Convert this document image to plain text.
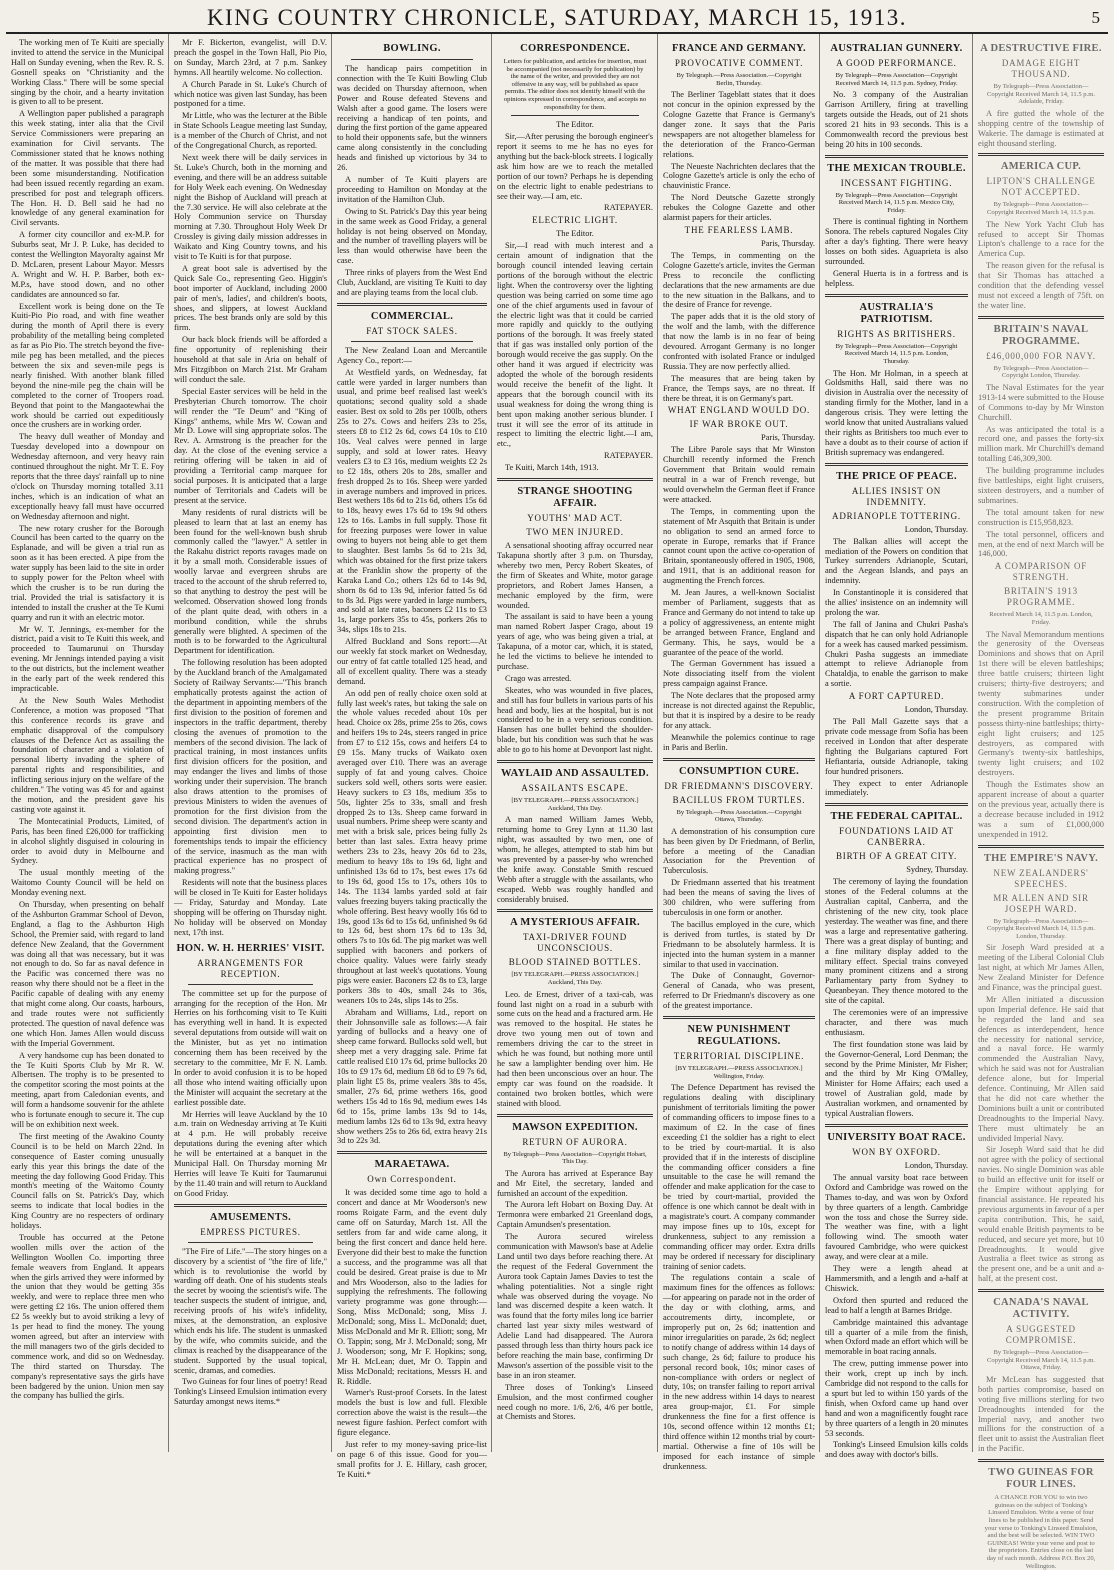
KING COUNTRY CHRONICLE, SATURDAY, MARCH 15, 1913.	5

The working men of Te Kuiti are specially invited to attend the service in the Municipal Hall on Sunday evening, when the Rev. R. S. Gosnell speaks on "Christianity and the Working Class." There will be some special singing by the choir, and a hearty invitation is given to all to be present.

A Wellington paper published a paragraph this week stating, inter alia that the Civil Service Commissioners were preparing an examination for Civil servants. The Commissioner stated that he knows nothing of the matter. It was possible that there had been some misunderstanding. Notification had been issued recently regarding an exam. prescribed for post and telegraph officers. The Hon. H. D. Bell said he had no knowledge of any general examination for Civil servants.

A former city councillor and ex-M.P. for Suburbs seat, Mr J. P. Luke, has decided to contest the Wellington Mayoralty against Mr D. McLaren, present Labour Mayor. Messrs A. Wright and W. H. P. Barber, both ex-M.P.s, have stood down, and no other candidates are announced so far.

Excellent work is being done on the Te Kuiti-Pio Pio road, and with fine weather during the month of April there is every probability of the metalling being completed as far as Pio Pio. The stretch beyond the five-mile peg has been metalled, and the pieces between the six and seven-mile pegs is nearly finished. With another blank filled beyond the nine-mile peg the chain will be completed to the corner of Troopers road. Beyond that point to the Mangaotewhai the work should be carried out expeditiously once the crushers are in working order.

The heavy dull weather of Monday and Tuesday developed into a downpour on Wednesday afternoon, and very heavy rain continued throughout the night. Mr T. E. Foy reports that the three days' rainfall up to nine o'clock on Thursday morning totalled 3.11 inches, which is an indication of what an exceptionally heavy fall must have occurred on Wednesday afternoon and night.

The new rotary crusher for the Borough Council has been carted to the quarry on the Esplanade, and will be given a trial run as soon as it has been erected. A pipe from the water supply has been laid to the site in order to supply power for the Pelton wheel with which the crusher is to be run during the trial. Provided the trial is satisfactory it is intended to install the crusher at the Te Kumi quarry and run it with an electric motor.

Mr W. T. Jennings, ex-member for the district, paid a visit to Te Kuiti this week, and proceeded to Taumarunui on Thursday evening. Mr Jennings intended paying a visit to the out districts, but the inclement weather in the early part of the week rendered this impracticable.

At the New South Wales Methodist Conference, a motion was proposed "That this conference records its grave and emphatic disapproval of the compulsory clauses of the Defence Act as assailing the foundation of character and a violation of personal liberty invading the sphere of parental rights and responsibilities, and inflicting serious injury on the welfare of the children." The voting was 45 for and against the motion, and the president gave his casting vote against it.

The Montecatinial Products, Limited, of Paris, has been fined £26,000 for trafficking in alcohol slightly disguised in colouring in order to avoid duty in Melbourne and Sydney.

The usual monthly meeting of the Waitomo County Council will be held on Monday evening next.

On Thursday, when presenting on behalf of the Ashburton Grammar School of Devon, England, a flag to the Ashburton High School, the Premier said, with regard to land defence New Zealand, that the Government was doing all that was necessary, but it was not enough to do. So far as naval defence in the Pacific was concerned there was no reason why there should not be a fleet in the Pacific capable of dealing with any enemy that might come along. Our coasts, harbours, and trade routes were not sufficiently protected. The question of naval defence was one which Hon. James Allen would discuss with the Imperial Government.

A very handsome cup has been donated to the Te Kuiti Sports Club by Mr R. W. Albertsen. The trophy is to be presented to the competitor scoring the most points at the meeting, apart from Caledonian events, and will form a handsome souvenir for the athlete who is fortunate enough to secure it. The cup will be on exhibition next week.

The first meeting of the Awakino County Council is to be held on March 22nd. In consequence of Easter coming unusually early this year this brings the date of the meeting the day following Good Friday. This month's meeting of the Waitomo County Council falls on St. Patrick's Day, which seems to indicate that local bodies in the King Country are no respecters of ordinary holidays.

Trouble has occurred at the Petone woollen mills over the action of the Wellington Woollen Co. importing three female weavers from England. It appears when the girls arrived they were informed by the union that they would be getting 35s weekly, and were to replace three men who were getting £2 16s. The union offered them £2 5s weekly but to avoid striking a levy of 1s per head to find the money. The young women agreed, but after an interview with the mill managers two of the girls decided to commence work, and did so on Wednesday. The third started on Thursday. The company's representative says the girls have been badgered by the union. Union men say the company has bullied the girls.

Mr F. Bickerton, evangelist, will D.V. preach the gospel in the Town Hall, Pio Pio, on Sunday, March 23rd, at 7 p.m. Sankey hymns. All heartily welcome. No collection.

A Church Parade in St. Luke's Church of which notice was given last Sunday, has been postponed for a time.

Mr Little, who was the lecturer at the Bible in State Schools League meeting last Sunday, is a member of the Church of Christ, and not of the Congregational Church, as reported.

Next week there will be daily services in St. Luke's Church, both in the morning and evening, and there will be an address suitable for Holy Week each evening. On Wednesday night the Bishop of Auckland will preach at the 7.30 service. He will also celebrate at the Holy Communion service on Thursday morning at 7.30. Throughout Holy Week Dr Crossley is giving daily mission addresses in Waikato and King Country towns, and his visit to Te Kuiti is for that purpose.

A great boot sale is advertised by the Quick Sale Co., representing Geo. Higgin's boot importer of Auckland, including 2000 pair of men's, ladies', and children's boots, shoes, and slippers, at lowest Auckland prices. The best brands only are sold by this firm.

Our back block friends will be afforded a fine opportunity of replenishing their household at that sale in Aria on behalf of Mrs Fitzgibbon on March 21st. Mr Graham will conduct the sale.

Special Easter services will be held in the Presbyterian Church tomorrow. The choir will render the "Te Deum" and "King of Kings" anthems, while Mrs W. Cowan and Mr D. Lowe will sing appropriate solos. The Rev. A. Armstrong is the preacher for the day. At the close of the evening service a retiring offering will be taken in aid of providing a Territorial camp marquee for social purposes. It is anticipated that a large number of Territorials and Cadets will be present at the service.

Many residents of rural districts will be pleased to learn that at last an enemy has been found for the well-known bush shrub commonly called the "lawyer." A settler in the Rakahu district reports ravages made on it by a small moth. Considerable issues of woolly larvae and evergreen shrubs are traced to the account of the shrub referred to, so that anything to destroy the pest will be welcomed. Observation showed long fronds of the plant quite dead, with others in a moribund condition, while the shrubs generally were blighted. A specimen of the moth is to be forwarded to the Agricultural Department for identification.

The following resolution has been adopted by the Auckland branch of the Amalgamated Society of Railway Servants:—"This branch emphatically protests against the action of the department in appointing members of the first division to the position of foremen and inspectors in the traffic department, thereby closing the avenues of promotion to the members of the second division. The lack of practical training, in most instances unfits first division officers for the position, and may endanger the lives and limbs of those working under their supervision. The branch also draws attention to the promises of previous Ministers to widen the avenues of promotion for the first division from the second division. The department's action in appointing first division men to forementships tends to impair the efficiency of the service, inasmuch as the man with practical experience has no prospect of making progress."

Residents will note that the business places will be closed in Te Kuiti for Easter holidays — Friday, Saturday and Monday. Late shopping will be offering on Thursday night. No holiday will be observed on Monday next, 17th inst.

HON. W. H. HERRIES' VISIT.
ARRANGEMENTS FOR RECEPTION.

The committee set up for the purpose of arranging for the reception of the Hon. Mr Herries on his forthcoming visit to Te Kuiti has everything well in hand. It is expected several deputations from outside will wait on the Minister, but as yet no intimation concerning them has been received by the secretary to the committee, Mr F. N. Lamb. In order to avoid confusion it is to be hoped all those who intend waiting officially upon the Minister will acquaint the secretary at the earliest possible date.

Mr Herries will leave Auckland by the 10 a.m. train on Wednesday arriving at Te Kuiti at 4 p.m. He will probably receive deputations during the evening after which he will be entertained at a banquet in the Municipal Hall. On Thursday morning Mr Herries will leave Te Kuiti for Taumarunui by the 11.40 train and will return to Auckland on Good Friday.

AMUSEMENTS.
EMPRESS PICTURES.

"The Fire of Life."—The story hinges on a discovery by a scientist of "the fire of life," which is to revolutionise the world by warding off death. One of his students steals the secret by wooing the scientist's wife. The teacher suspects the student of intrigue, and, receiving proofs of his wife's infidelity, mixes, at the demonstration, an explosive which ends his life. The student is unmasked by the wife, who commits suicide, and the climax is reached by the disappearance of the student. Supported by the usual topical, scenic, dramas, and comedies.

Two Guineas for four lines of poetry! Read Tonking's Linseed Emulsion intimation every Saturday amongst news items.*

BOWLING.

The handicap pairs competition in connection with the Te Kuiti Bowling Club was decided on Thursday afternoon, when Power and Rouse defeated Stevens and Walsh after a good game. The losers were receiving a handicap of ten points, and during the first portion of the game appeared to hold their opponents safe, but the winners came along consistently in the concluding heads and finished up victorious by 34 to 26.

A number of Te Kuiti players are proceeding to Hamilton on Monday at the invitation of the Hamilton Club.

Owing to St. Patrick's Day this year being in the same week as Good Friday, a general holiday is not being observed on Monday, and the number of travelling players will be less than would otherwise have been the case.

Three rinks of players from the West End Club, Auckland, are visiting Te Kuiti to day and are playing teams from the local club.

COMMERCIAL.
FAT STOCK SALES.

The New Zealand Loan and Mercantile Agency Co., report:—

At Westfield yards, on Wednesday, fat cattle were yarded in larger numbers than usual, and prime beef realised last week's quotations; second quality sold a shade easier. Best ox sold to 28s per 100lb, others 25s to 27s. Cows and heifers 23s to 25s, steers £8 to £12 2s 6d, cows £4 10s to £10 10s. Veal calves were penned in large supply, and sold at lower rates. Heavy vealers £3 to £3 16s, medium weights £2 2s to £2 18s, others 20s to 28s, smaller and fresh dropped 2s to 16s. Sheep were yarded in average numbers and improved in prices. Best wethers 18s 6d to 21s 6d, others 15s 6d to 18s, heavy ewes 17s 6d to 19s 9d others 12s to 16s. Lambs in full supply. Those fit for freezing purposes were lower in value owing to buyers not being able to get them to slaughter. Best lambs 5s 6d to 21s 3d, which was obtained for the first prize takers at the Franklin show the property of the Karaka Land Co.; others 12s 6d to 14s 9d, shorn 8s 6d to 13s 9d, inferior fatted 5s 6d to 8s 3d. Pigs were yarded in large numbers, and sold at late rates, baconers £2 11s to £3 1s, large porkers 35s to 45s, porkers 26s to 34s, slips 18s to 21s.

Alfred Buckland and Sons report:—At our weekly fat stock market on Wednesday, our entry of fat cattle totalled 125 head, and all of excellent quality. There was a steady demand.

An odd pen of really choice oxen sold at fully last week's rates, but taking the sale on the whole values receded about 10s per head. Choice ox 28s, prime 25s to 26s, cows and heifers 19s to 24s, steers ranged in price from £7 to £12 15s, cows and heifers £4 to £9 15s. Many trucks of Waikato oxen averaged over £10. There was an average supply of fat and young calves. Choice suckers sold well, others sorts were easier. Heavy suckers to £3 18s, medium 35s to 50s, lighter 25s to 33s, small and fresh dropped 2s to 13s. Sheep came forward in usual numbers. Prime sheep were scanty and met with a brisk sale, prices being fully 2s better than last sales. Extra heavy prime wethers 23s to 23s, heavy 20s 6d to 23s, medium to heavy 18s to 19s 6d, light and unfinished 13s 6d to 17s, best ewes 17s 6d to 19s 6d, good 15s to 17s, others 10s to 14s. The 1134 lambs yarded sold at fair values freezing buyers taking practically the whole offering. Best heavy woolly 16s 6d to 19s, good 13s 6d to 15s 6d, unfinished 9s 6d to 12s 6d, best shorn 17s 6d to 13s 3d, others 7s to 10s 6d. The pig market was well supplied with baconers and porkers of choice quality. Values were fairly steady throughout at last week's quotations. Young pigs were easier. Baconers £2 8s to £3, large porkers 38s to 40s, small 24s to 36s, weaners 10s to 24s, slips 14s to 25s.

Abraham and Williams, Ltd., report on their Johnsonville sale as follows:—A fair yarding of bullocks and a heavy one of sheep came forward. Bullocks sold well, but sheep met a very dragging sale. Prime fat cattle realised £10 17s 6d, prime bullocks 20 10s to £9 17s 6d, medium £8 6d to £9 7s 6d, plain light £5 8s, prime vealers 38s to 45s, smaller, 27s 6d, prime wethers 16s, good wethers 15s 4d to 16s 9d, medium ewes 14s 6d to 15s, prime lambs 13s 9d to 14s, medium lambs 12s 6d to 13s 9d, extra heavy show wethers 25s to 26s 6d, extra heavy 21s 3d to 22s 3d.

MARAETAWA.
Own Correspondent.

It was decided some time ago to hold a concert and dance at Mr Wooderson's new rooms Roigate Farm, and the event duly came off on Saturday, March 1st. All the settlers from far and wide came along, it being the first concert and dance held here. Everyone did their best to make the function a success, and the programme was all that could be desired. Great praise is due to Mr and Mrs Wooderson, also to the ladies for supplying the refreshments. The following variety programme was gone through:—Song, Miss McDonald; song, Miss J. McDonald; song, Miss L. McDonald; duet, Miss McDonald and Mr R. Elliott; song, Mr O. Tappin; song, Mr J. McDonald; song, Mr J. Wooderson; song, Mr F. Hopkins; song, Mr H. McLean; duet, Mr O. Tappin and Miss McDonald; recitations, Messrs H. and R. Riddle.

Warner's Rust-proof Corsets. In the latest models the bust is low and full. Flexible correction above the waist is the result—the newest figure fashion. Perfect comfort with figure elegance.

Just refer to my money-saving price-list on page 6 of this issue. Good for you—small profits for J. E. Hillary, cash grocer, Te Kuiti.*

CORRESPONDENCE.
Letters for publication, and articles for insertion, must be accompanied (not necessarily for publication) by the name of the writer, and provided they are not offensive in any way, will be published as space permits. The editor does not identify himself with the opinions expressed in correspondence, and accepts no responsibility for them.

The Editor.

Sir,—After perusing the borough engineer's report it seems to me he has no eyes for anything but the back-block streets. I logically ask him how are we to reach the metalled portion of our town? Perhaps he is depending on the electric light to enable pedestrians to see their way.—I am, etc.

RATEPAYER.

ELECTRIC LIGHT.

The Editor.

Sir,—I read with much interest and a certain amount of indignation that the borough council intended leaving certain portions of the borough without the electric light. When the controversy over the lighting question was being carried on some time ago one of the chief arguments used in favour of the electric light was that it could be carried more rapidly and quickly to the outlying portions of the borough. It was freely stated that if gas was installed only portion of the borough would receive the gas supply. On the other hand it was argued if electricity was adopted the whole of the borough residents would receive the benefit of the light. It appears that the borough council with its usual weakness for doing the wrong thing is bent upon making another serious blunder. I trust it will see the error of its attitude in respect to limiting the electric light.—I am, etc.,

RATEPAYER.

Te Kuiti, March 14th, 1913.

STRANGE SHOOTING AFFAIR.
YOUTHS' MAD ACT.
TWO MEN INJURED.

A sensational shooting affray occurred near Takapuna shortly after 3 p.m. on Thursday, whereby two men, Percy Robert Skeates, of the firm of Skeates and White, motor garage proprietors, and Robert James Hansen, a mechanic employed by the firm, were wounded.

The assailant is said to have been a young man named Robert Jasper Crago, about 19 years of age, who was being given a trial, at Takapuna, of a motor car, which, it is stated, he led the victims to believe he intended to purchase.

Crago was arrested.

Skeates, who was wounded in five places, and still has four bullets in various parts of his head and body, lies at the hospital, but is not considered to be in a very serious condition. Hansen has one bullet behind the shoulder-blade, but his condition was such that he was able to go to his home at Devonport last night.

WAYLAID AND ASSAULTED.
ASSAILANTS ESCAPE.
[BY TELEGRAPH.—PRESS ASSOCIATION.] Auckland, This Day.

A man named William James Webb, returning home to Grey Lynn at 11.30 last night, was assaulted by two men, one of whom, he alleges, attempted to stab him but was prevented by a passer-by who wrenched the knife away. Constable Smith rescued Webb after a struggle with the assailants, who escaped. Webb was roughly handled and considerably bruised.

A MYSTERIOUS AFFAIR.
TAXI-DRIVER FOUND UNCONSCIOUS.
BLOOD STAINED BOTTLES.
[BY TELEGRAPH.—PRESS ASSOCIATION.] Auckland, This Day.

Leo. de Ernest, driver of a taxi-cab, was found last night on a road in a suburb with some cuts on the head and a fractured arm. He was removed to the hospital. He states he drove two young men out of town and remembers driving the car to the street in which he was found, but nothing more until he saw a lamplighter bending over him. He had then been unconscious over an hour. The empty car was found on the roadside. It contained two broken bottles, which were stained with blood.

MAWSON EXPEDITION.
RETURN OF AURORA.
By Telegraph—Press Association—Copyright Hobart, This Day.

The Aurora has arrived at Esperance Bay and Mr Eitel, the secretary, landed and furnished an account of the expedition.

The Aurora left Hobart on Boxing Day. At Termonra were embarked 21 Greenland dogs, Captain Amundsen's presentation.

The Aurora secured wireless communication with Mawson's base at Adelie Land until two days before reaching there. At the request of the Federal Government the Aurora took Captain James Davies to test the whaling potentialities. Not a single right whale was observed during the voyage. No land was discerned despite a keen watch. It was found that the forty miles long ice barrier charted last year sixty miles westward of Adelie Land had disappeared. The Aurora passed through less than thirty hours pack ice before reaching the main base, confirming Dr Mawson's assertion of the possible visit to the base in an iron steamer.

Three doses of Tonking's Linseed Emulsion, and the most confirmed cougher need cough no more. 1/6, 2/6, 4/6 per bottle, at Chemists and Stores.

FRANCE AND GERMANY.
PROVOCATIVE COMMENT.
By Telegraph.—Press Association.—Copyright Berlin, Thursday.

The Berliner Tageblatt states that it does not concur in the opinion expressed by the Cologne Gazette that France is Germany's danger zone. It says that the Paris newspapers are not altogether blameless for the deterioration of the Franco-German relations.

The Neueste Nachrichten declares that the Cologne Gazette's article is only the echo of chauvinistic France.

The Nord Deutsche Gazette strongly rebukes the Cologne Gazette and other alarmist papers for their articles.

THE FEARLESS LAMB.

Paris, Thursday.

The Temps, in commenting on the Cologne Gazette's article, invites the German Press to reconcile the conflicting declarations that the new armaments are due to the new situation in the Balkans, and to the desire of France for revenge.

The paper adds that it is the old story of the wolf and the lamb, with the difference that now the lamb is in no fear of being devoured. Arrogant Germany is no longer confronted with isolated France or indulged Russia. They are now perfectly allied.

The measures that are being taken by France, the Temps says, are no threat. If there be threat, it is on Germany's part.

WHAT ENGLAND WOULD DO.
IF WAR BROKE OUT.

Paris, Thursday.

The Libre Parole says that Mr Winston Churchill recently informed the French Government that Britain would remain neutral in a war of French revenge, but would overwhelm the German fleet if France were attacked.

The Temps, in commenting upon the statement of Mr Asquith that Britain is under no obligation to send an armed force to operate in Europe, remarks that if France cannot count upon the active co-operation of Britain, spontaneously offered in 1905, 1908, and 1911, that is an additional reason for augmenting the French forces.

M. Jean Jaures, a well-known Socialist member of Parliament, suggests that as France and Germany do not intend to take up a policy of aggressiveness, an entente might be arranged between France, England and Germany. This, he says, would be a guarantee of the peace of the world.

The German Government has issued a Note dissociating itself from the violent press campaign against France.

The Note declares that the proposed army increase is not directed against the Republic, but that it is inspired by a desire to be ready for any attack.

Meanwhile the polemics continue to rage in Paris and Berlin.

CONSUMPTION CURE.
DR FRIEDMANN'S DISCOVERY.
BACILLUS FROM TURTLES.
By Telegraph.—Press Association.—Copyright Ottawa, Thursday.

A demonstration of his consumption cure has been given by Dr Friedmann, of Berlin, before a meeting of the Canadian Association for the Prevention of Tuberculosis.

Dr Friedmann asserted that his treatment had been the means of saving the lives of 300 children, who were suffering from tuberculosis in one form or another.

The bacillus employed in the cure, which is derived from turtles, is stated by Dr Friedmann to be absolutely harmless. It is injected into the human system in a manner similar to that used in vaccination.

The Duke of Connaught, Governor-General of Canada, who was present, referred to Dr Friedmann's discovery as one of the greatest importance.

NEW PUNISHMENT REGULATIONS.
TERRITORIAL DISCIPLINE.
[BY TELEGRAPH.—PRESS ASSOCIATION.] Wellington, Friday.

The Defence Department has revised the regulations dealing with disciplinary punishment of territorials limiting the power of commanding officers to impose fines to a maximum of £2. In the case of fines exceeding £1 the soldier has a right to elect to be tried by court-martial. It is also provided that if in the interests of discipline the commanding officer considers a fine unsuitable to the case he will remand the offender and make application for the case to be tried by court-martial, provided the offence is one which cannot be dealt with in a magistrate's court. A company commander may impose fines up to 10s, except for drunkenness, subject to any remission a commanding officer may order. Extra drills may be ordered if necessary for disciplinary training of senior cadets.

The regulations contain a scale of maximum fines for the offences as follows:—for appearing on parade not in the order of the day or with clothing, arms, and accoutrements dirty, incomplete, or improperly put on, 2s 6d; inattention and minor irregularities on parade, 2s 6d; neglect to notify change of address within 14 days of such change, 2s 6d; failure to produce his personal record book, 10s; minor cases of non-compliance with orders or neglect of duty, 10s; on transfer failing to report arrival in the new address within 14 days to nearest area group-major, £1. For simple drunkenness the fine for a first offence is 10s, second offence within 12 months £1; third offence within 12 months trial by court-martial. Otherwise a fine of 10s will be imposed for each instance of simple drunkenness.

AUSTRALIAN GUNNERY.
A GOOD PERFORMANCE.
By Telegraph—Press Association—Copyright Received March 14, 11.5 p.m. Sydney, Friday.

No. 3 company of the Australian Garrison Artillery, firing at travelling targets outside the Heads, out of 21 shots scored 21 hits in 93 seconds. This is a Commonwealth record the previous best being 20 hits in 100 seconds.

THE MEXICAN TROUBLE.
INCESSANT FIGHTING.
By Telegraph—Press Association—Copyright Received March 14, 11.5 p.m. Mexico City, Friday.

There is continual fighting in Northern Sonora. The rebels captured Nogales City after a day's fighting. There were heavy losses on both sides. Aguaprieta is also surrounded.

General Huerta is in a fortress and is helpless.

AUSTRALIA'S PATRIOTISM.
RIGHTS AS BRITISHERS.
By Telegraph—Press Association—Copyright Received March 14, 11.5 p.m. London, Thursday.

The Hon. Mr Holman, in a speech at Goldsmiths Hall, said there was no division in Australia over the necessity of standing firmly for the Mother, land in a dangerous crisis. They were letting the world know that united Australians valued their rights as Britishers too much ever to have a doubt as to their course of action if British supremacy was endangered.

THE PRICE OF PEACE.
ALLIES INSIST ON INDEMNITY.
ADRIANOPLE TOTTERING.

London, Thursday.

The Balkan allies will accept the mediation of the Powers on condition that Turkey surrenders Adrianople, Scutari, and the Aegean Islands, and pays an indemnity.

In Constantinople it is considered that the allies' insistence on an indemnity will prolong the war.

The fall of Janina and Chukri Pasha's dispatch that he can only hold Adrianople for a week has caused marked pessimism. Chukri Pasha suggests an immediate attempt to relieve Adrianople from Chataldja, to enable the garrison to make a sortie.

A FORT CAPTURED.

London, Thursday.

The Pall Mall Gazette says that a private code message from Sofia has been received in London that after desperate fighting the Bulgarians captured Fort Hefiantaria, outside Adrianople, taking four hundred prisoners.

They expect to enter Adrianople immediately.

THE FEDERAL CAPITAL.
FOUNDATIONS LAID AT CANBERRA.
BIRTH OF A GREAT CITY.

Sydney, Thursday.

The ceremony of laying the foundation stones of the Federal columns at the Australian capital, Canberra, and the christening of the new city, took place yesterday. The weather was fine, and there was a large and representative gathering. There was a great display of bunting; and a fine military display added to the military effect. Special trains conveyed many prominent citizens and a strong Parliamentary party from Sydney to Queanbeyan. They thence motored to the site of the capital.

The ceremonies were of an impressive character, and there was much enthusiasm.

The first foundation stone was laid by the Governor-General, Lord Denman; the second by the Prime Minister, Mr Fisher; and the third by Mr King O'Malley, Minister for Home Affairs; each used a trowel of Australian gold, made by Australian workmen, and ornamented by typical Australian flowers.

UNIVERSITY BOAT RACE.
WON BY OXFORD.

London, Thursday.

The annual varsity boat race between Oxford and Cambridge was rowed on the Thames to-day, and was won by Oxford by three quarters of a length. Cambridge won the toss and chose the Surrey side. The weather was fine, with a light following wind. The smooth water favoured Cambridge, who were quickest away, and were clear at a mile.

They were a length ahead at Hammersmith, and a length and a-half at Chiswick.

Oxford then spurted and reduced the lead to half a length at Barnes Bridge.

Cambridge maintained this advantage till a quarter of a mile from the finish, when Oxford made an effort which will be memorable in boat racing annals.

The crew, putting immense power into their work, crept up inch by inch. Cambridge did not respond to the calls for a spurt but led to within 150 yards of the finish, when Oxford came up hand over hand and won a magnificently fought race by three quarters of a length in 20 minutes 53 seconds.

Tonking's Linseed Emulsion kills colds and does away with doctor's bills.

A DESTRUCTIVE FIRE.
DAMAGE EIGHT THOUSAND.
By Telegraph—Press Association—Copyright Received March 14, 11.5 p.m. Adelaide, Friday.

A fire gutted the whole of the shopping centre of the township of Wakerie. The damage is estimated at eight thousand sterling.

AMERICA CUP.
LIPTON'S CHALLENGE NOT ACCEPTED.
By Telegraph—Press Association—Copyright Received March 14, 11.5 p.m.

The New York Yacht Club has refused to accept Sir Thomas Lipton's challenge to a race for the America Cup.

The reason given for the refusal is that Sir Thomas has attached a condition that the defending vessel must not exceed a length of 75ft. on the water line.

BRITAIN'S NAVAL PROGRAMME.
£46,000,000 FOR NAVY.
By Telegraph—Press Association—Copyright London, Thursday.

The Naval Estimates for the year 1913-14 were submitted to the House of Commons to-day by Mr Winston Churchill.

As was anticipated the total is a record one, and passes the forty-six million mark. Mr Churchill's demand totalling £46,309,300.

The building programme includes five battleships, eight light cruisers, sixteen destroyers, and a number of submarines.

The total amount taken for new construction is £15,958,823.

The total personnel, officers and men, at the end of next March will be 146,000.

A COMPARISON OF STRENGTH.
BRITAIN'S 1913 PROGRAMME.
Received March 14, 11.5 p.m. London, Friday.

The Naval Memorandum mentions the generosity of the Overseas Dominions and shows that on April 1st there will be eleven battleships; three battle cruisers; thirteen light cruisers; thirty-five destroyers; and twenty submarines under construction. With the completion of the present programme Britain possess thirty-nine battleships; thirty-eight light cruisers; and 125 destroyers, as compared with Germany's twenty-six battleships, twenty light cruisers; and 102 destroyers.

Though the Estimates show an apparent increase of about a quarter on the previous year, actually there is a decrease because included in 1912 was a sum of £1,000,000 unexpended in 1912.

THE EMPIRE'S NAVY.
NEW ZEALANDERS' SPEECHES.
MR ALLEN AND SIR JOSEPH WARD.
By Telegraph—Press Association—Copyright Received March 14, 11.5 p.m. London, Thursday.

Sir Joseph Ward presided at a meeting of the Liberal Colonial Club last night, at which Mr James Allen, New Zealand Minister for Defence and Finance, was the principal guest.

Mr Allen initiated a discussion upon Imperial defence. He said that he regarded the land and sea defences as interdependent, hence the necessity for national service, and a naval force. He warmly commended the Australian Navy, which he said was not for Australian defence alone, but for Imperial defence. Continuing, Mr Allen said that he did not care whether the Dominions built a unit or contributed Dreadnoughts to the Imperial Navy. There must ultimately be an undivided Imperial Navy.

Sir Joseph Ward said that he did not agree with the policy of sectional navies. No single Dominion was able to build an effective unit for itself or the Empire without applying for financial assistance. He repeated his previous arguments in favour of a per capita contribution. This, he said, would enable British payments to be reduced, and secure yet more, but 10 Dreadnoughts. It would give Australia a fleet twice as strong as the present one, and be a unit and a-half, at the present cost.

CANADA'S NAVAL ACTIVITY.
A SUGGESTED COMPROMISE.
By Telegraph—Press Association—Copyright Received March 14, 11.5 p.m. Ottawa, Friday.

Mr McLean has suggested that both parties compromise, based on voting five millions sterling for two Dreadnoughts intended for the Imperial navy, and another two millions for the construction of a fleet unit to assist the Australian fleet in the Pacific.

TWO GUINEAS FOR FOUR LINES.
A CHANCE FOR YOU to win two guineas on the subject of Tonking's Linseed Emulsion. Write a verse of four lines to be published in this paper. Send your verse to Tonking's Linseed Emulsion, and the best will be selected. WIN TWO GUINEAS! Write your verse and post to the proprietors. Entries close on the last day of each month. Address P.O. Box 20, Wellington.
